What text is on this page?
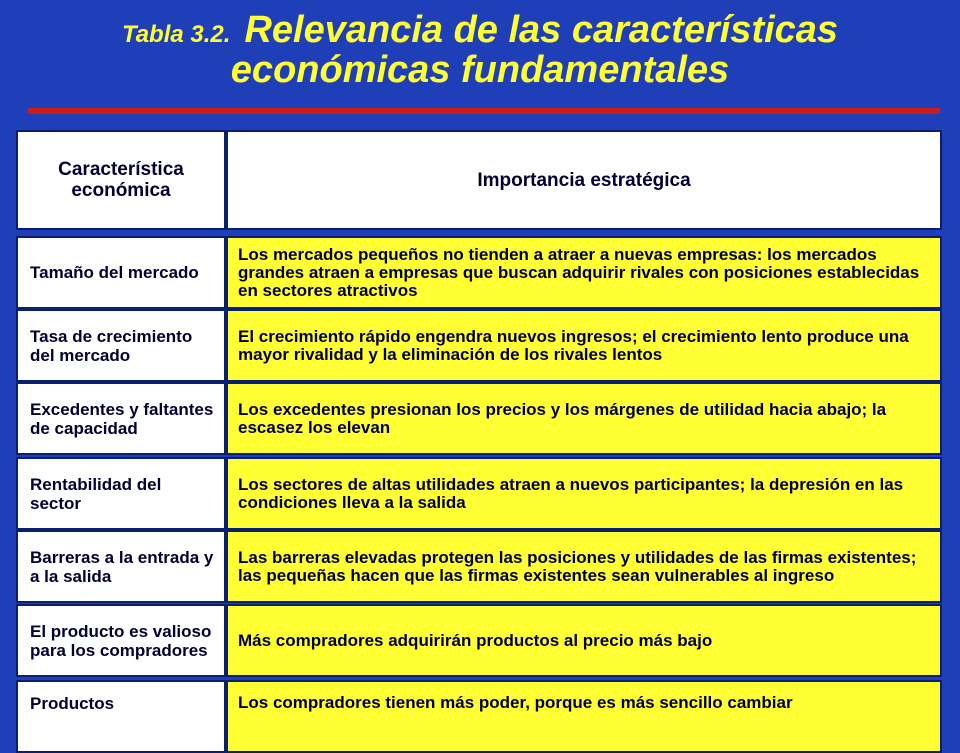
Tabla 3.2. Relevancia de las características
económicas fundamentales
Característica económica	Importancia estratégica
Tamaño del mercado
Los mercados pequeños no tienden a atraer a nuevas empresas: los mercados grandes atraen a empresas que buscan adquirir rivales con posiciones establecidas en sectores atractivos
Tasa de crecimiento del mercado
El crecimiento rápido engendra nuevos ingresos; el crecimiento lento produce una mayor rivalidad y la eliminación de los rivales lentos
Excedentes y faltantes de capacidad
Los excedentes presionan los precios y los márgenes de utilidad hacia abajo; la escasez los elevan
Rentabilidad del sector
Los sectores de altas utilidades atraen a nuevos participantes; la depresión en las condiciones lleva a la salida
Barreras a la entrada y a la salida
Las barreras elevadas protegen las posiciones y utilidades de las firmas existentes; las pequeñas hacen que las firmas existentes sean vulnerables al ingreso
El producto es valioso para los compradores
Más compradores adquirirán productos al precio más bajo
Productos	Los compradores tienen más poder, porque es más sencillo cambiar
